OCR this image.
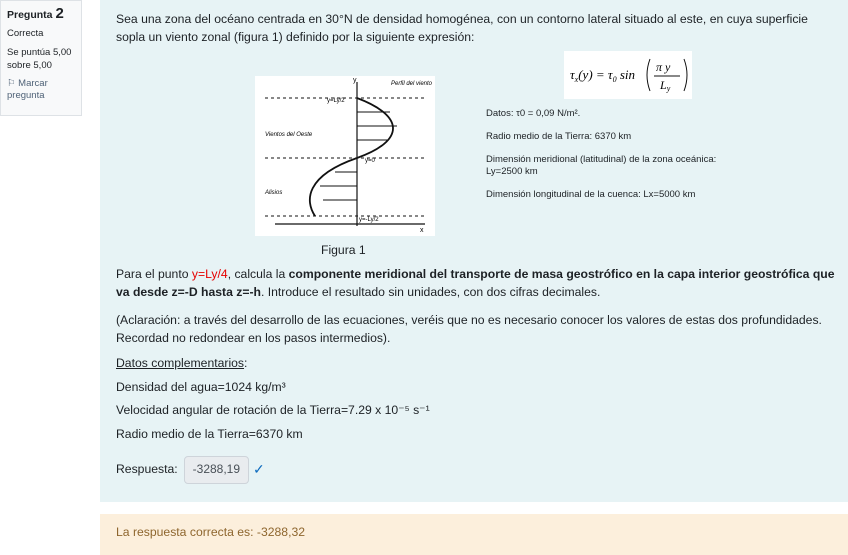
Pregunta 2
Correcta
Se puntúa 5,00 sobre 5,00
⚐ Marcar pregunta

Sea una zona del océano centrada en 30°N de densidad homogénea, con un contorno lateral situado al este, en cuya superficie sopla un viento zonal (figura 1) definido por la siguiente expresión:

y	Perfil del viento
y=Ly/2
Vientos del Oeste
y=0
Alisios
y=-Ly/2
x
Figura 1
$\tau_x(y) = \tau_0$ sin π y
Ly
Datos: τ0 = 0,09 N/m².
Radio medio de la Tierra: 6370 km
Dimensión meridional (latitudinal) de la zona oceánica:
Ly=2500 km
Dimensión longitudinal de la cuenca: Lx=5000 km

Para el punto y=Ly/4, calcula la componente meridional del transporte de masa geostrófico en la capa interior geostrófica que va desde z=-D hasta z=-h. Introduce el resultado sin unidades, con dos cifras decimales.

(Aclaración: a través del desarrollo de las ecuaciones, veréis que no es necesario conocer los valores de estas dos profundidades. Recordad no redondear en los pasos intermedios).

Datos complementarios:

Densidad del agua=1024 kg/m³

Velocidad angular de rotación de la Tierra=7.29 x 10⁻⁵ s⁻¹

Radio medio de la Tierra=6370 km

Respuesta:	-3288,19 ✓
La respuesta correcta es: -3288,32
